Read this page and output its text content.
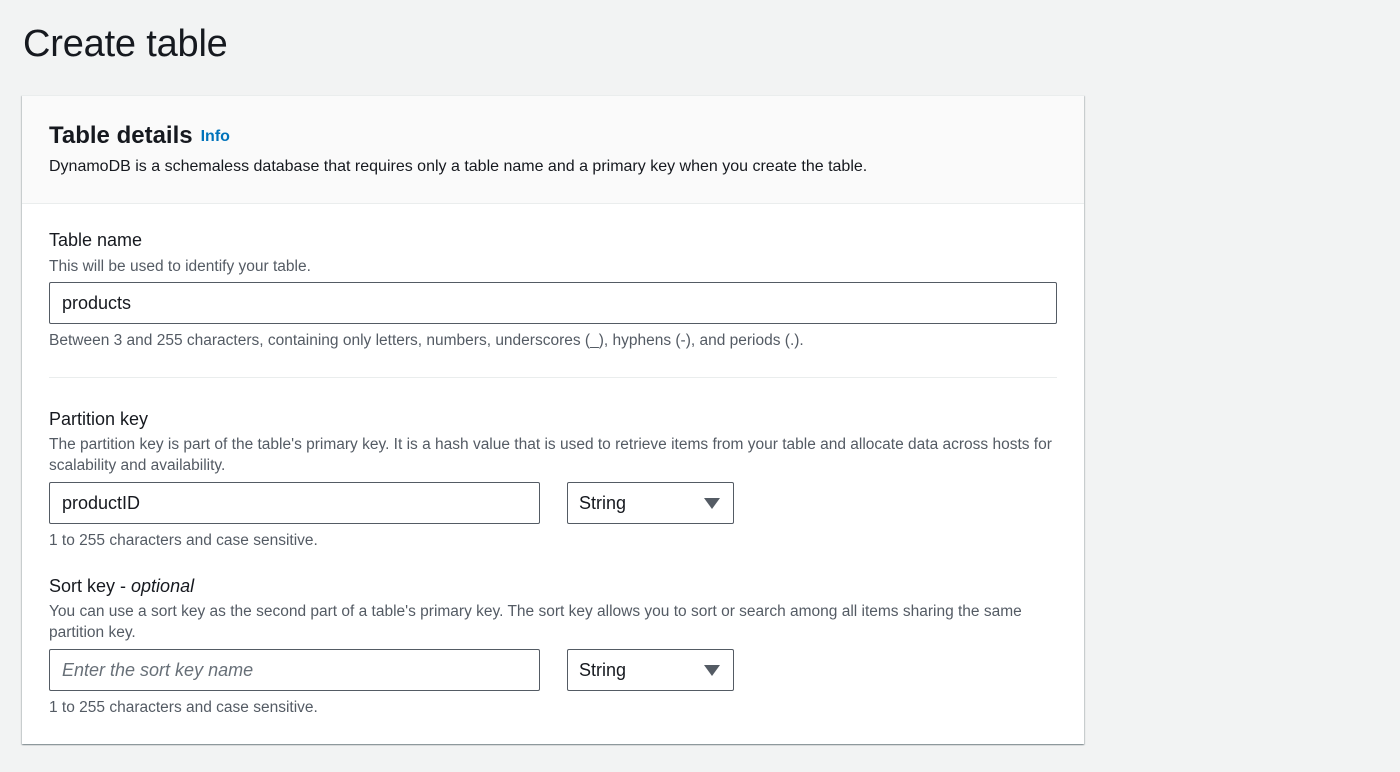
Create table
Table details Info

DynamoDB is a schemaless database that requires only a table name and a primary key when you create the table.

Table name

This will be used to identify your table.

products

Between 3 and 255 characters, containing only letters, numbers, underscores (_), hyphens (-), and periods (.).

Partition key

The partition key is part of the table's primary key. It is a hash value that is used to retrieve items from your table and allocate data across hosts for scalability and availability.

productID
String

1 to 255 characters and case sensitive.

Sort key - optional

You can use a sort key as the second part of a table's primary key. The sort key allows you to sort or search among all items sharing the same partition key.

Enter the sort key name
String

1 to 255 characters and case sensitive.
